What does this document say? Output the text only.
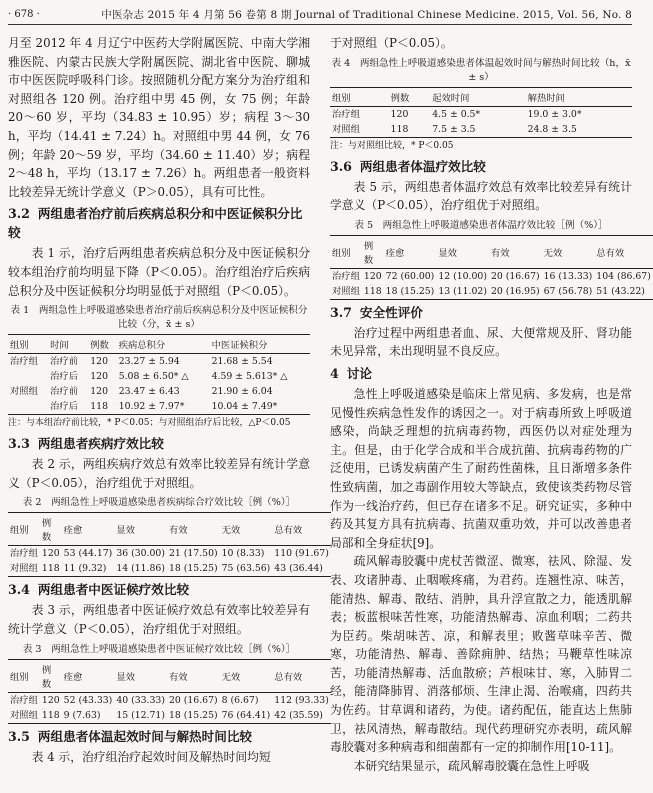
· 678 ·	中医杂志 2015 年 4 月第 56 卷第 8 期 Journal of Traditional Chinese Medicine. 2015, Vol. 56, No. 8

月至 2012 年 4 月辽宁中医药大学附属医院、中南大学湘雅医院、内蒙古民族大学附属医院、湖北省中医院、聊城市中医医院呼吸科门诊。按照随机分配方案分为治疗组和对照组各 120 例。治疗组中男 45 例，女 75 例；年龄 20～60 岁，平均（34.83 ± 10.95）岁；病程 3～30 h，平均（14.41 ± 7.24）h。对照组中男 44 例，女 76 例；年龄 20～59 岁，平均（34.60 ± 11.40）岁；病程 2～48 h，平均（13.17 ± 7.26）h。两组患者一般资料比较差异无统计学意义（P＞0.05），具有可比性。

3.2 两组患者治疗前后疾病总积分和中医证候积分比较

表 1 示，治疗后两组患者疾病总积分及中医证候积分较本组治疗前均明显下降（P＜0.05）。治疗组治疗后疾病总积分及中医证候积分均明显低于对照组（P＜0.05）。

表 1　两组急性上呼吸道感染患者治疗前后疾病总积分及中医证候积分比较（分，x̄ ± s）
组别	时间	例数	疾病总积分	中医证候积分
治疗组	治疗前	120	23.27 ± 5.94	21.68 ± 5.54
	治疗后	120	5.08 ± 6.50* △	4.59 ± 5.613* △
对照组	治疗前	120	23.47 ± 6.43	21.90 ± 6.04
	治疗后	118	10.92 ± 7.97*	10.04 ± 7.49*
注：与本组治疗前比较，* P＜0.05；与对照组治疗后比较，△P＜0.05
3.3 两组患者疾病疗效比较

表 2 示，两组疾病疗效总有效率比较差异有统计学意义（P＜0.05），治疗组优于对照组。

表 2　两组急性上呼吸道感染患者疾病综合疗效比较［例（%）］
组别	例数	痊愈	显效	有效	无效	总有效
治疗组	120	53 (44.17)	36 (30.00)	21 (17.50)	10 (8.33)	110 (91.67)
对照组	118	11 (9.32)	14 (11.86)	18 (15.25)	75 (63.56)	43 (36.44)
3.4 两组患者中医证候疗效比较

表 3 示，两组患者中医证候疗效总有效率比较差异有统计学意义（P＜0.05），治疗组优于对照组。

表 3　两组急性上呼吸道感染患者中医证候疗效比较［例（%）］
组别	例数	痊愈	显效	有效	无效	总有效
治疗组	120	52 (43.33)	40 (33.33)	20 (16.67)	8 (6.67)	112 (93.33)
对照组	118	9 (7.63)	15 (12.71)	18 (15.25)	76 (64.41)	42 (35.59)
3.5 两组患者体温起效时间与解热时间比较

表 4 示，治疗组治疗起效时间及解热时间均短

于对照组（P＜0.05）。

表 4　两组急性上呼吸道感染患者体温起效时间与解热时间比较（h，x̄ ± s）
组别	例数	起效时间	解热时间
治疗组	120	4.5 ± 0.5*	19.0 ± 3.0*
对照组	118	7.5 ± 3.5	24.8 ± 3.5
注：与对照组比较，* P＜0.05
3.6 两组患者体温疗效比较

表 5 示，两组患者体温疗效总有效率比较差异有统计学意义（P＜0.05），治疗组优于对照组。

表 5　两组急性上呼吸道感染患者体温疗效比较［例（%）］
组别	例数	痊愈	显效	有效	无效	总有效
治疗组	120	72 (60.00)	12 (10.00)	20 (16.67)	16 (13.33)	104 (86.67)
对照组	118	18 (15.25)	13 (11.02)	20 (16.95)	67 (56.78)	51 (43.22)
3.7 安全性评价

治疗过程中两组患者血、尿、大便常规及肝、肾功能未见异常，未出现明显不良反应。

4 讨论

急性上呼吸道感染是临床上常见病、多发病，也是常见慢性疾病急性发作的诱因之一。对于病毒所致上呼吸道感染，尚缺乏理想的抗病毒药物，西医仍以对症处理为主。但是，由于化学合成和半合成抗菌、抗病毒药物的广泛使用，已诱发病菌产生了耐药性菌株，且日渐增多条件性致病菌，加之毒副作用较大等缺点，致使该类药物尽管作为一线治疗药，但已存在诸多不足。研究证实，多种中药及其复方具有抗病毒、抗菌双重功效，并可以改善患者局部和全身症状[9]。

疏风解毒胶囊中虎杖苦微涩、微寒，祛风、除湿、发表、攻诸肿毒、止咽喉疼痛，为君药。连翘性凉、味苦，能清热、解毒、散结、消肿，具升浮宣散之力，能透肌解表；板蓝根味苦性寒，功能清热解毒、凉血利咽；二药共为臣药。柴胡味苦、凉，和解表里；败酱草味辛苦、微寒，功能清热、解毒、善除痈肿、结热；马鞭草性味凉苦，功能清热解毒、活血散瘀；芦根味甘、寒，入肺胃二经，能清降肺胃、消落郁烦、生津止渴、治喉痛，四药共为佐药。甘草调和诸药，为使。诸药配伍，能直达上焦肺卫，祛风清热，解毒散结。现代药理研究亦表明，疏风解毒胶囊对多种病毒和细菌都有一定的抑制作用[10-11]。

本研究结果显示，疏风解毒胶囊在急性上呼吸
